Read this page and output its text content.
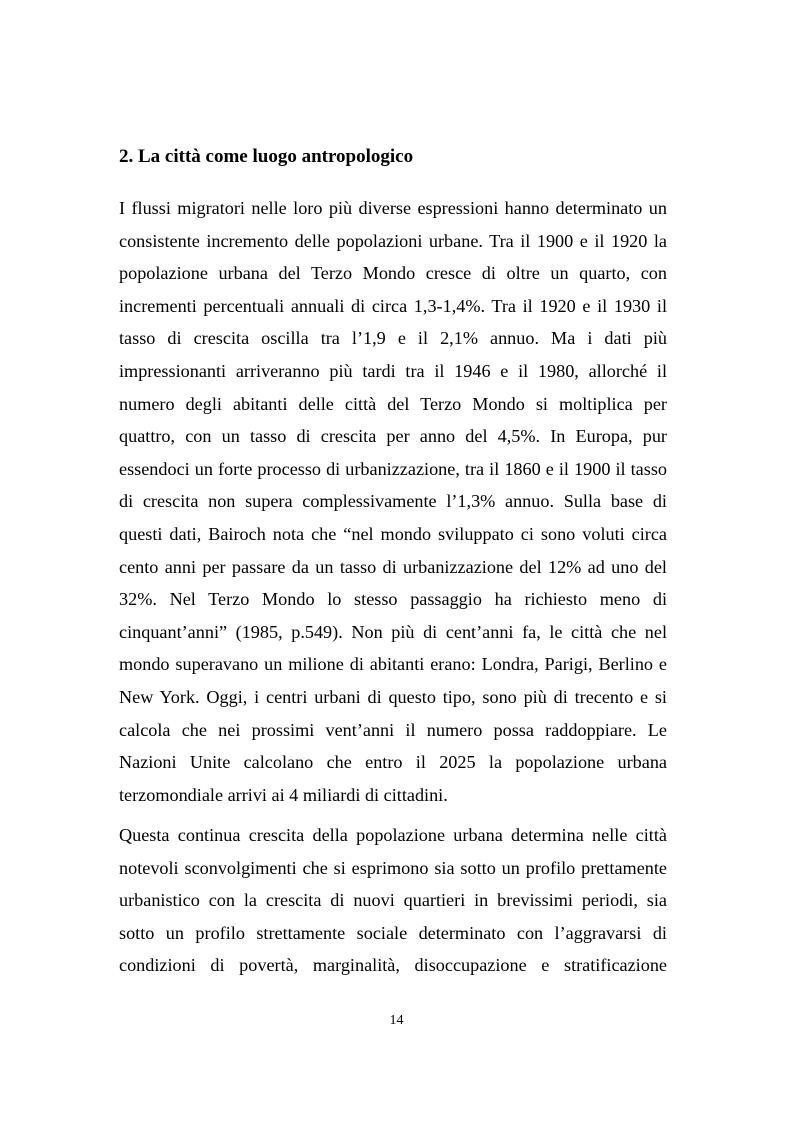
2. La città come luogo antropologico
I flussi migratori nelle loro più diverse espressioni hanno determinato un
consistente incremento delle popolazioni urbane. Tra il 1900 e il 1920 la
popolazione urbana del Terzo Mondo cresce di oltre un quarto, con
incrementi percentuali annuali di circa 1,3-1,4%. Tra il 1920 e il 1930 il
tasso di crescita oscilla tra l’1,9 e il 2,1% annuo. Ma i dati più
impressionanti arriveranno più tardi tra il 1946 e il 1980, allorché il
numero degli abitanti delle città del Terzo Mondo si moltiplica per
quattro, con un tasso di crescita per anno del 4,5%. In Europa, pur
essendoci un forte processo di urbanizzazione, tra il 1860 e il 1900 il tasso
di crescita non supera complessivamente l’1,3% annuo. Sulla base di
questi dati, Bairoch nota che “nel mondo sviluppato ci sono voluti circa
cento anni per passare da un tasso di urbanizzazione del 12% ad uno del
32%. Nel Terzo Mondo lo stesso passaggio ha richiesto meno di
cinquant’anni” (1985, p.549). Non più di cent’anni fa, le città che nel
mondo superavano un milione di abitanti erano: Londra, Parigi, Berlino e
New York. Oggi, i centri urbani di questo tipo, sono più di trecento e si
calcola che nei prossimi vent’anni il numero possa raddoppiare. Le
Nazioni Unite calcolano che entro il 2025 la popolazione urbana
terzomondiale arrivi ai 4 miliardi di cittadini.
Questa continua crescita della popolazione urbana determina nelle città
notevoli sconvolgimenti che si esprimono sia sotto un profilo prettamente
urbanistico con la crescita di nuovi quartieri in brevissimi periodi, sia
sotto un profilo strettamente sociale determinato con l’aggravarsi di
condizioni di povertà, marginalità, disoccupazione e stratificazione
14
